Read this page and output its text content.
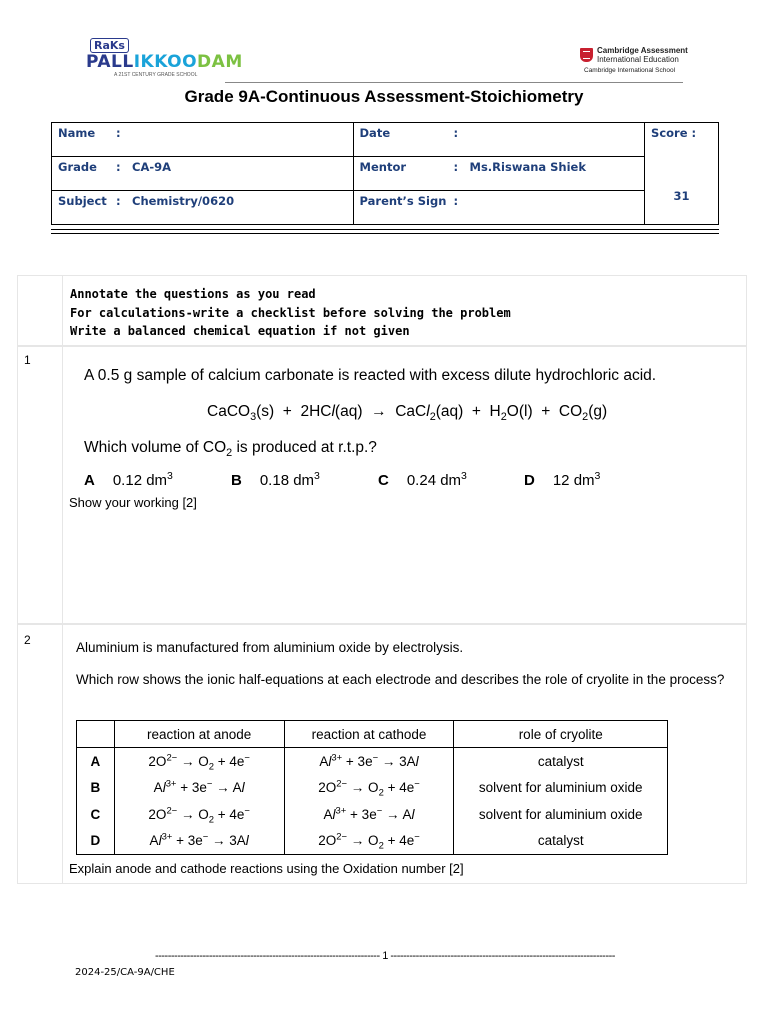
RaKs
PALLIKKOODAM
A 21ST CENTURY GRADE SCHOOL
Cambridge Assessment
International Education
Cambridge International School
Grade 9A-Continuous Assessment-Stoichiometry
Name :	Date :	Score :
Grade : CA-9A	Mentor : Ms.Riswana Shiek	31
Subject : Chemistry/0620	Parent’s Sign :	
Annotate the questions as you read
For calculations-write a checklist before solving the problem
Write a balanced chemical equation if not given
1
A 0.5 g sample of calcium carbonate is reacted with excess dilute hydrochloric acid.
CaCO$_3$(s)  +  2HCl(aq)  →  CaCl$_2$(aq)  +  $H_2O(l) + CO_2(g)$
Which volume of $CO_2$ is produced at r.t.p.?
A 0.12 $dm^3$	B 0.18 $dm^3$	C 0.24 $dm^3$	D 12 $dm^3$
Show your working [2]
2	Aluminium is manufactured from aluminium oxide by electrolysis.
Which row shows the ionic half-equations at each electrode and describes the role of cryolite in the process?
	reaction at anode	reaction at cathode	role of cryolite
A	$2O^{2-} \to O_2 + 4e^-$	$Al^{3+} + 3e^- \to 3Al$	catalyst
B	$Al^{3+} + 3e^- \to Al$	$2O^{2-} \to O_2 + 4e^-$	solvent for aluminium oxide
C	$2O^{2-} \to O_2 + 4e^-$	$Al^{3+} + 3e^- \to Al$	solvent for aluminium oxide
D	$Al^{3+} + 3e^- \to 3Al$	$2O^{2-} \to O_2 + 4e^-$	catalyst
Explain anode and cathode reactions using the Oxidation number [2]
----------------------------------------------------------------------- 1 -----------------------------------------------------------------------
2024-25/CA-9A/CHE
